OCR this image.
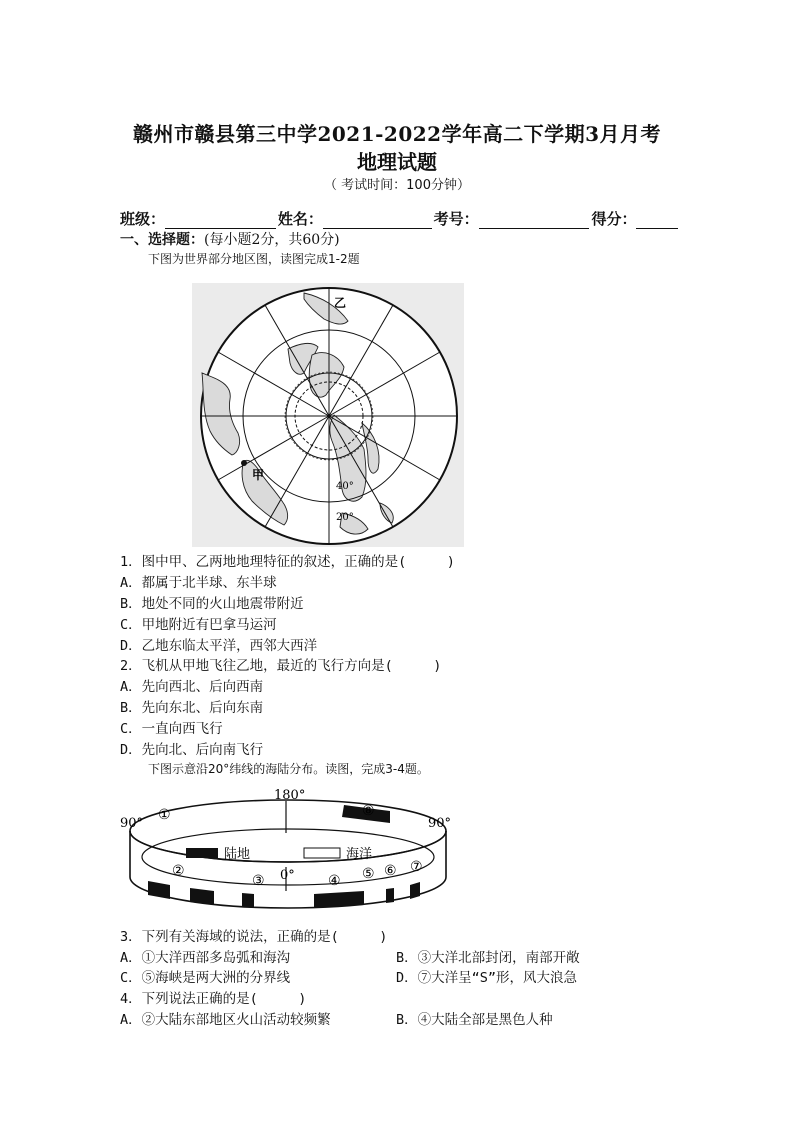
赣州市赣县第三中学2021-2022学年高二下学期3月月考
地理试题
（ 考试时间：100分钟）
班级：	姓名：	考号：	得分：
一、选择题：(每小题2分，共60分)
下图为世界部分地区图，读图完成1-2题
甲
乙
40°
20°
1．图中甲、乙两地地理特征的叙述，正确的是(　　　)
A．都属于北半球、东半球
B．地处不同的火山地震带附近
C．甲地附近有巴拿马运河
D．乙地东临太平洋，西邻大西洋
2．飞机从甲地飞往乙地，最近的飞行方向是(　　　)
A．先向西北、后向西南
B．先向东北、后向东南
C．一直向西飞行
D．先向北、后向南飞行
下图示意沿20°纬线的海陆分布。读图，完成3-4题。
陆地	海洋
180°
90°	90°
0°
①
②
③	④ ⑤ ⑥ ⑦
⑧
3．下列有关海域的说法，正确的是(　　　)
A．①大洋西部多岛弧和海沟	B．③大洋北部封闭，南部开敞
C．⑤海峡是两大洲的分界线	D．⑦大洋呈“S”形，风大浪急
4．下列说法正确的是(　　　)
A．②大陆东部地区火山活动较频繁	B．④大陆全部是黑色人种
